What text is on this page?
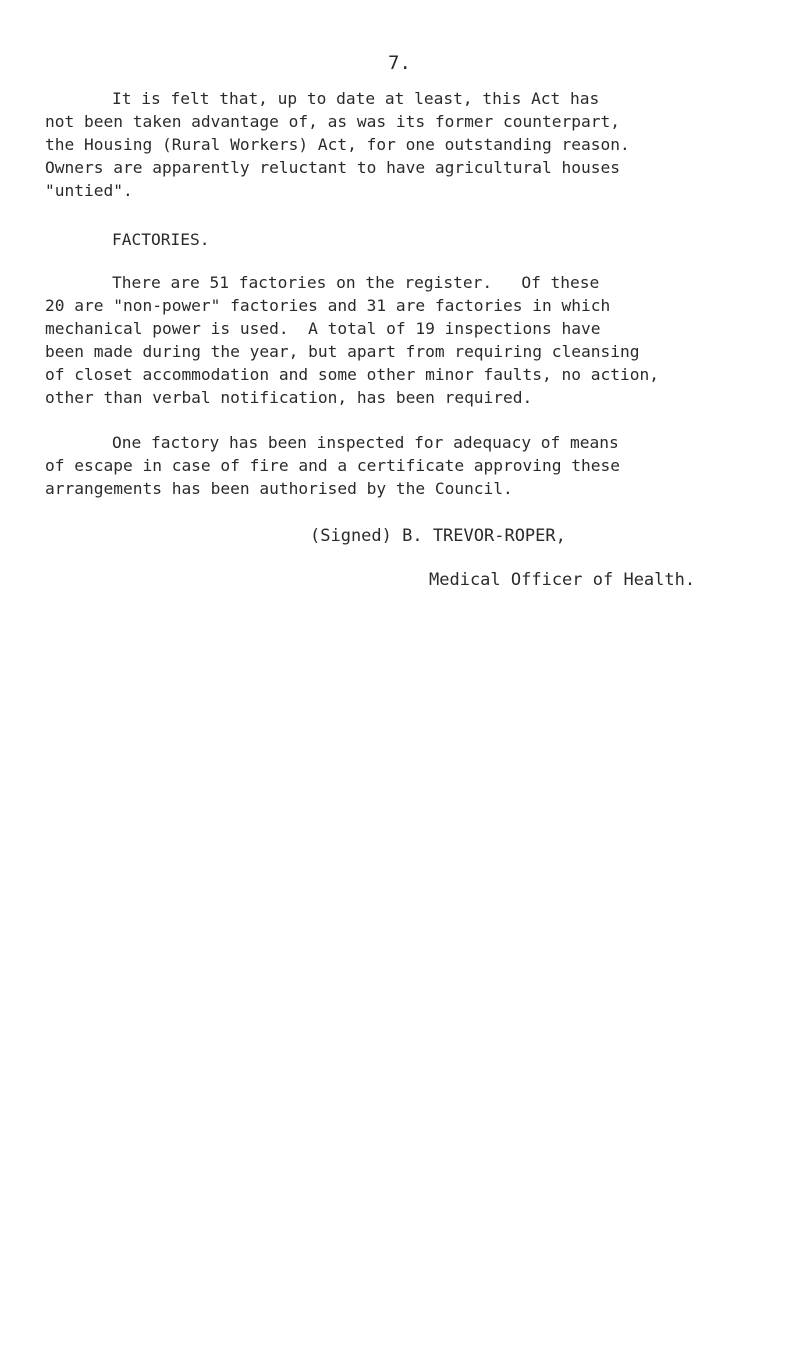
7.
It is felt that, up to date at least, this Act has
not been taken advantage of, as was its former counterpart,
the Housing (Rural Workers) Act, for one outstanding reason.
Owners are apparently reluctant to have agricultural houses
"untied".
FACTORIES.
There are 51 factories on the register.   Of these
20 are "non-power" factories and 31 are factories in which
mechanical power is used.  A total of 19 inspections have
been made during the year, but apart from requiring cleansing
of closet accommodation and some other minor faults, no action,
other than verbal notification, has been required.
One factory has been inspected for adequacy of means
of escape in case of fire and a certificate approving these
arrangements has been authorised by the Council.
(Signed) B. TREVOR-ROPER,
Medical Officer of Health.
